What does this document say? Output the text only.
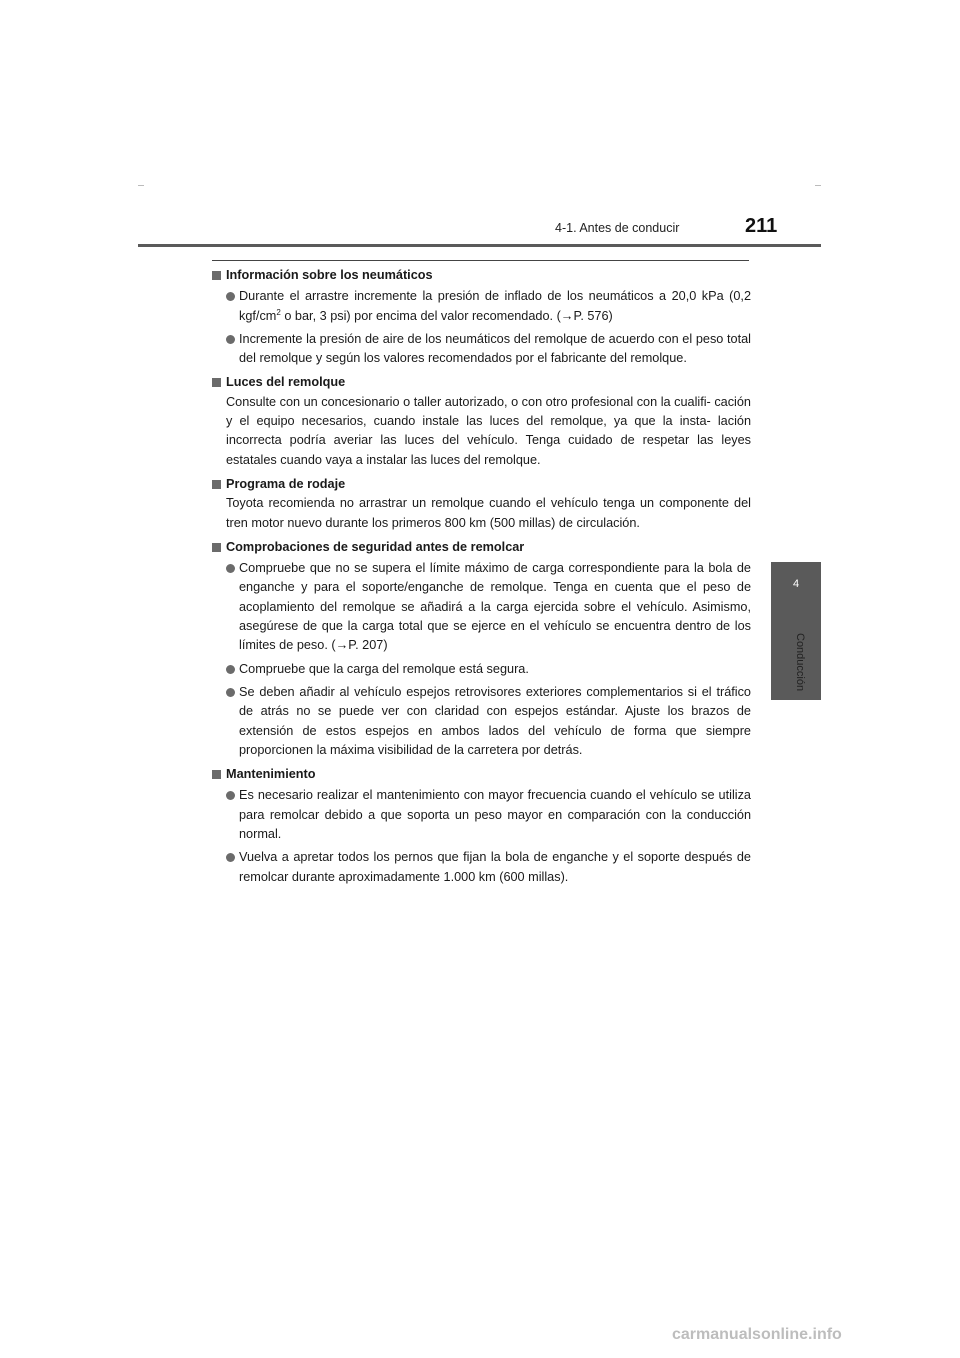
4-1. Antes de conducir	211
4
Conducción
Información sobre los neumáticos
Durante el arrastre incremente la presión de inflado de los neumáticos a 20,0 kPa (0,2 kgf/$cm^2$ o bar, 3 psi) por encima del valor recomendado. (→P. 576)
Incremente la presión de aire de los neumáticos del remolque de acuerdo con el peso total del remolque y según los valores recomendados por el fabricante del remolque.
Luces del remolque
Consulte con un concesionario o taller autorizado, o con otro profesional con la cualifi- cación y el equipo necesarios, cuando instale las luces del remolque, ya que la insta- lación incorrecta podría averiar las luces del vehículo. Tenga cuidado de respetar las leyes estatales cuando vaya a instalar las luces del remolque.
Programa de rodaje
Toyota recomienda no arrastrar un remolque cuando el vehículo tenga un componente del tren motor nuevo durante los primeros 800 km (500 millas) de circulación.
Comprobaciones de seguridad antes de remolcar
Compruebe que no se supera el límite máximo de carga correspondiente para la bola de enganche y para el soporte/enganche de remolque. Tenga en cuenta que el peso de acoplamiento del remolque se añadirá a la carga ejercida sobre el vehículo. Asimismo, asegúrese de que la carga total que se ejerce en el vehículo se encuentra dentro de los límites de peso. (→P. 207)
Compruebe que la carga del remolque está segura.
Se deben añadir al vehículo espejos retrovisores exteriores complementarios si el tráfico de atrás no se puede ver con claridad con espejos estándar. Ajuste los brazos de extensión de estos espejos en ambos lados del vehículo de forma que siempre proporcionen la máxima visibilidad de la carretera por detrás.
Mantenimiento
Es necesario realizar el mantenimiento con mayor frecuencia cuando el vehículo se utiliza para remolcar debido a que soporta un peso mayor en comparación con la conducción normal.
Vuelva a apretar todos los pernos que fijan la bola de enganche y el soporte después de remolcar durante aproximadamente 1.000 km (600 millas).
carmanualsonline.info
